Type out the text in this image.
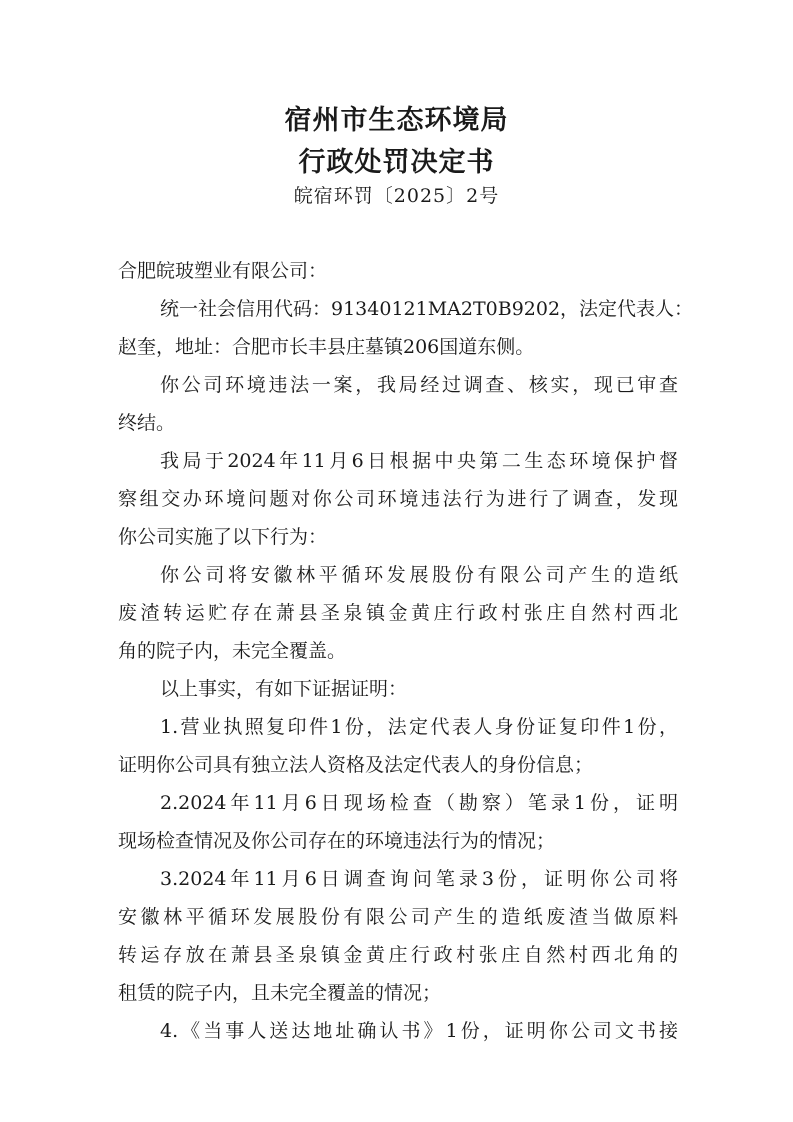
宿州市生态环境局
行政处罚决定书
皖宿环罚〔2025〕2号
合肥皖玻塑业有限公司：
统一社会信用代码：91340121MA2T0B9202，法定代表人：
赵奎，地址：合肥市长丰县庄墓镇206国道东侧。
你公司环境违法一案，我局经过调查、核实，现已审查
终结。
我局于2024年11月6日根据中央第二生态环境保护督
察组交办环境问题对你公司环境违法行为进行了调查，发现
你公司实施了以下行为：
你公司将安徽林平循环发展股份有限公司产生的造纸
废渣转运贮存在萧县圣泉镇金黄庄行政村张庄自然村西北
角的院子内，未完全覆盖。
以上事实，有如下证据证明：
1.营业执照复印件1份，法定代表人身份证复印件1份，
证明你公司具有独立法人资格及法定代表人的身份信息；
2.2024年11月6日现场检查（勘察）笔录1份，证明
现场检查情况及你公司存在的环境违法行为的情况；
3.2024年11月6日调查询问笔录3份，证明你公司将
安徽林平循环发展股份有限公司产生的造纸废渣当做原料
转运存放在萧县圣泉镇金黄庄行政村张庄自然村西北角的
租赁的院子内，且未完全覆盖的情况；
4.《当事人送达地址确认书》1份，证明你公司文书接
